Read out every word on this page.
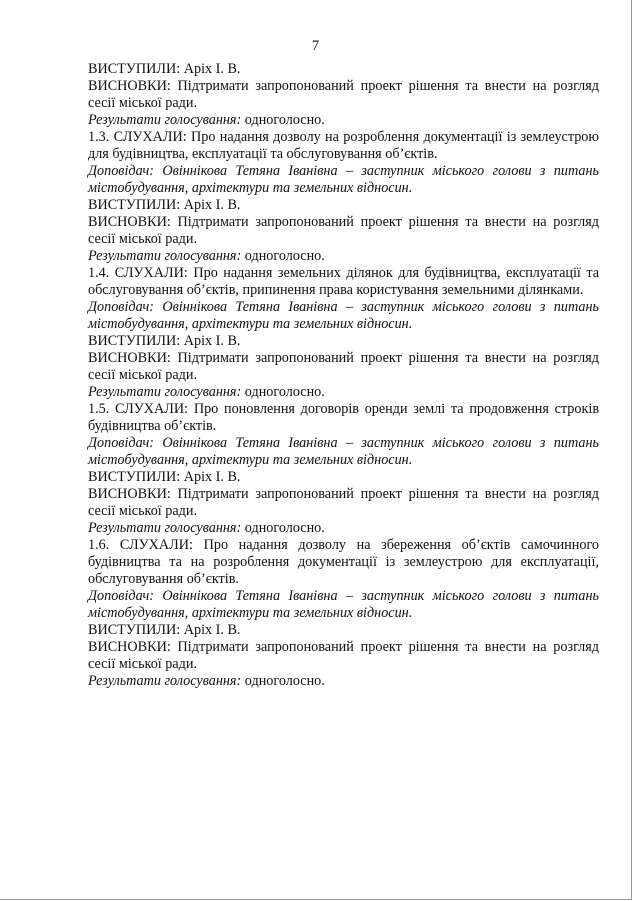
7

ВИСТУПИЛИ: Аріх І. В.

ВИСНОВКИ: Підтримати запропонований проект рішення та внести на розгляд сесії міської ради.

Результати голосування: одноголосно.

1.3. СЛУХАЛИ: Про надання дозволу на розроблення документації із землеустрою для будівництва, експлуатації та обслуговування об’єктів.

Доповідач: Овіннікова Тетяна Іванівна – заступник міського голови з питань містобудування, архітектури та земельних відносин.

ВИСТУПИЛИ: Аріх І. В.

ВИСНОВКИ: Підтримати запропонований проект рішення та внести на розгляд сесії міської ради.

Результати голосування: одноголосно.

1.4. СЛУХАЛИ: Про надання земельних ділянок для будівництва, експлуатації та обслуговування об’єктів, припинення права користування земельними ділянками.

Доповідач: Овіннікова Тетяна Іванівна – заступник міського голови з питань містобудування, архітектури та земельних відносин.

ВИСТУПИЛИ: Аріх І. В.

ВИСНОВКИ: Підтримати запропонований проект рішення та внести на розгляд сесії міської ради.

Результати голосування: одноголосно.

1.5. СЛУХАЛИ: Про поновлення договорів оренди землі та продовження строків будівництва об’єктів.

Доповідач: Овіннікова Тетяна Іванівна – заступник міського голови з питань містобудування, архітектури та земельних відносин.

ВИСТУПИЛИ: Аріх І. В.

ВИСНОВКИ: Підтримати запропонований проект рішення та внести на розгляд сесії міської ради.

Результати голосування: одноголосно.

1.6. СЛУХАЛИ: Про надання дозволу на збереження об’єктів самочинного будівництва та на розроблення документації із землеустрою для експлуатації, обслуговування об’єктів.

Доповідач: Овіннікова Тетяна Іванівна – заступник міського голови з питань містобудування, архітектури та земельних відносин.

ВИСТУПИЛИ: Аріх І. В.

ВИСНОВКИ: Підтримати запропонований проект рішення та внести на розгляд сесії міської ради.

Результати голосування: одноголосно.
